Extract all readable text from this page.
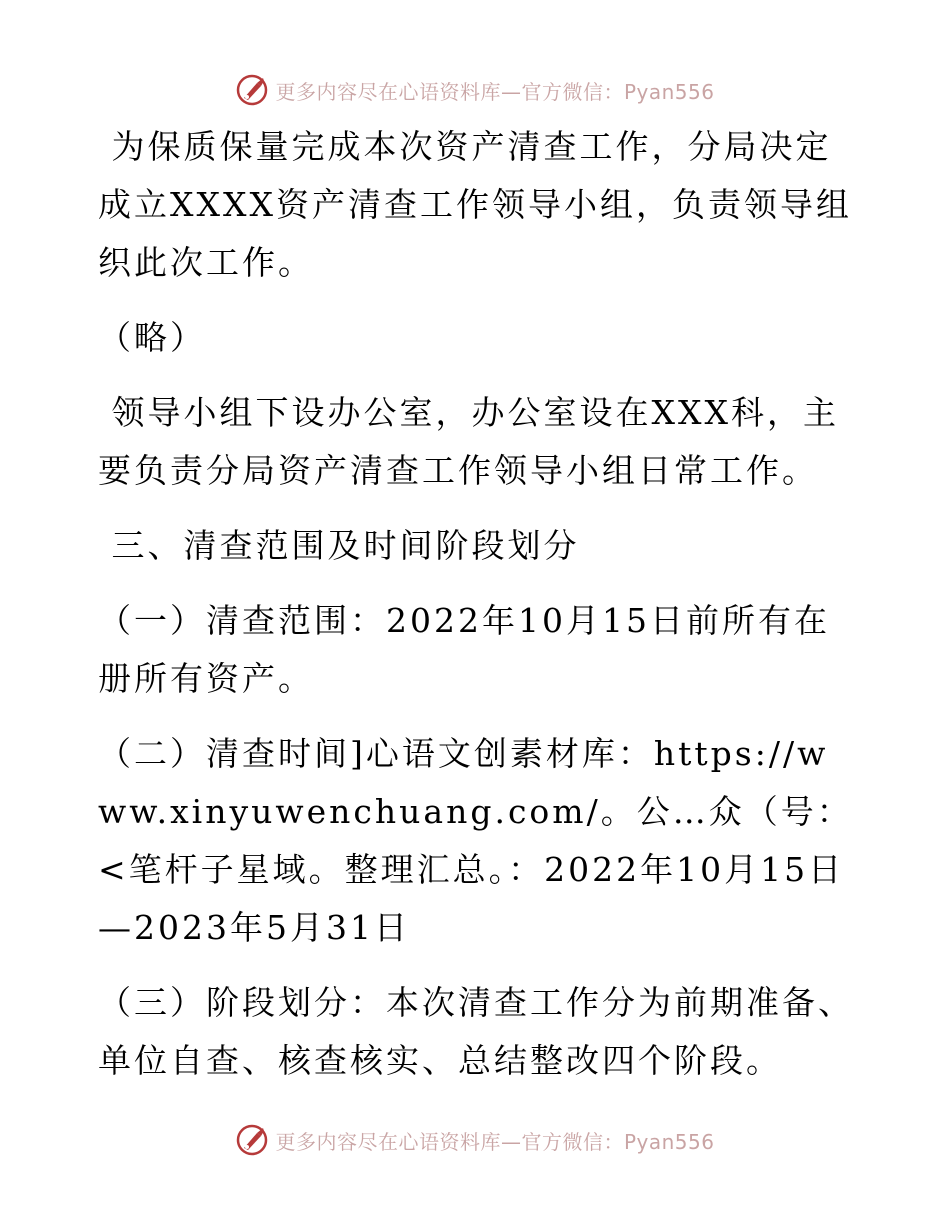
更多内容尽在心语资料库—官方微信：Pyan556

为保质保量完成本次资产清查工作，分局决定成立XXXX资产清查工作领导小组，负责领导组织此次工作。

（略）

领导小组下设办公室，办公室设在XXX科，主要负责分局资产清查工作领导小组日常工作。

三、清查范围及时间阶段划分

（一）清查范围：2022年10月15日前所有在册所有资产。

（二）清查时间]心语文创素材库：https://www.xinyuwenchuang.com/。公…众（号：<笔杆子星域。整理汇总。：2022年10月15日—2023年5月31日

（三）阶段划分：本次清查工作分为前期准备、单位自查、核查核实、总结整改四个阶段。

更多内容尽在心语资料库—官方微信：Pyan556
